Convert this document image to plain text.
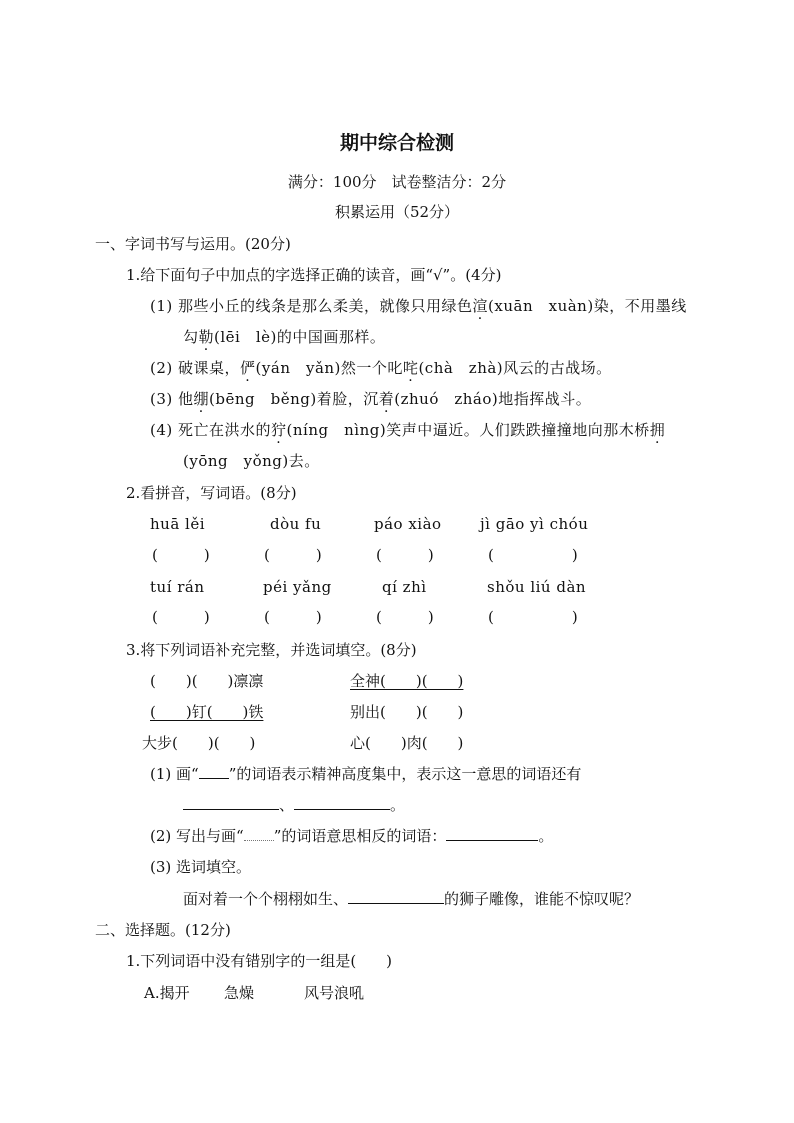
期中综合检测
满分：100分　试卷整洁分：2分
积累运用（52分）
一、字词书写与运用。(20分)
1.给下面句子中加点的字选择正确的读音，画“√”。(4分)
(1) 那些小丘的线条是那么柔美，就像只用绿色渲(xuān　xuàn)染，不用墨线
勾勒(lēi　lè)的中国画那样。
(2) 破课桌，俨(yán　yǎn)然一个叱咤(chà　zhà)风云的古战场。
(3) 他绷(bēng　běng)着脸，沉着(zhuó　zháo)地指挥战斗。
(4) 死亡在洪水的狞(níng　nìng)笑声中逼近。人们跌跌撞撞地向那木桥拥
(yōng　yǒng)去。
2.看拼音，写词语。(8分)
huā lěi	dòu fu	páo xiào	jì gāo yì chóu
(	)	(	)	(	)	(	)
tuí rán	péi yǎng	qí zhì	shǒu liú dàn
(	)	(	)	(	)	(	)
3.将下列词语补充完整，并选词填空。(8分)
(　　)(　　)凛凛	全神(　　)(　　)
(　　)钉(　　)铁	别出(　　)(　　)
大步(　　)(　　)	心(　　)肉(　　)
(1) 画“ ”的词语表示精神高度集中，表示这一意思的词语还有
、	。
(2) 写出与画“ ”的词语意思相反的词语：	。
(3) 选词填空。
面对着一个个栩栩如生、	的狮子雕像，谁能不惊叹呢？
二、选择题。(12分)
1.下列词语中没有错别字的一组是(　　)
A.揭开 急燥	风号浪吼
